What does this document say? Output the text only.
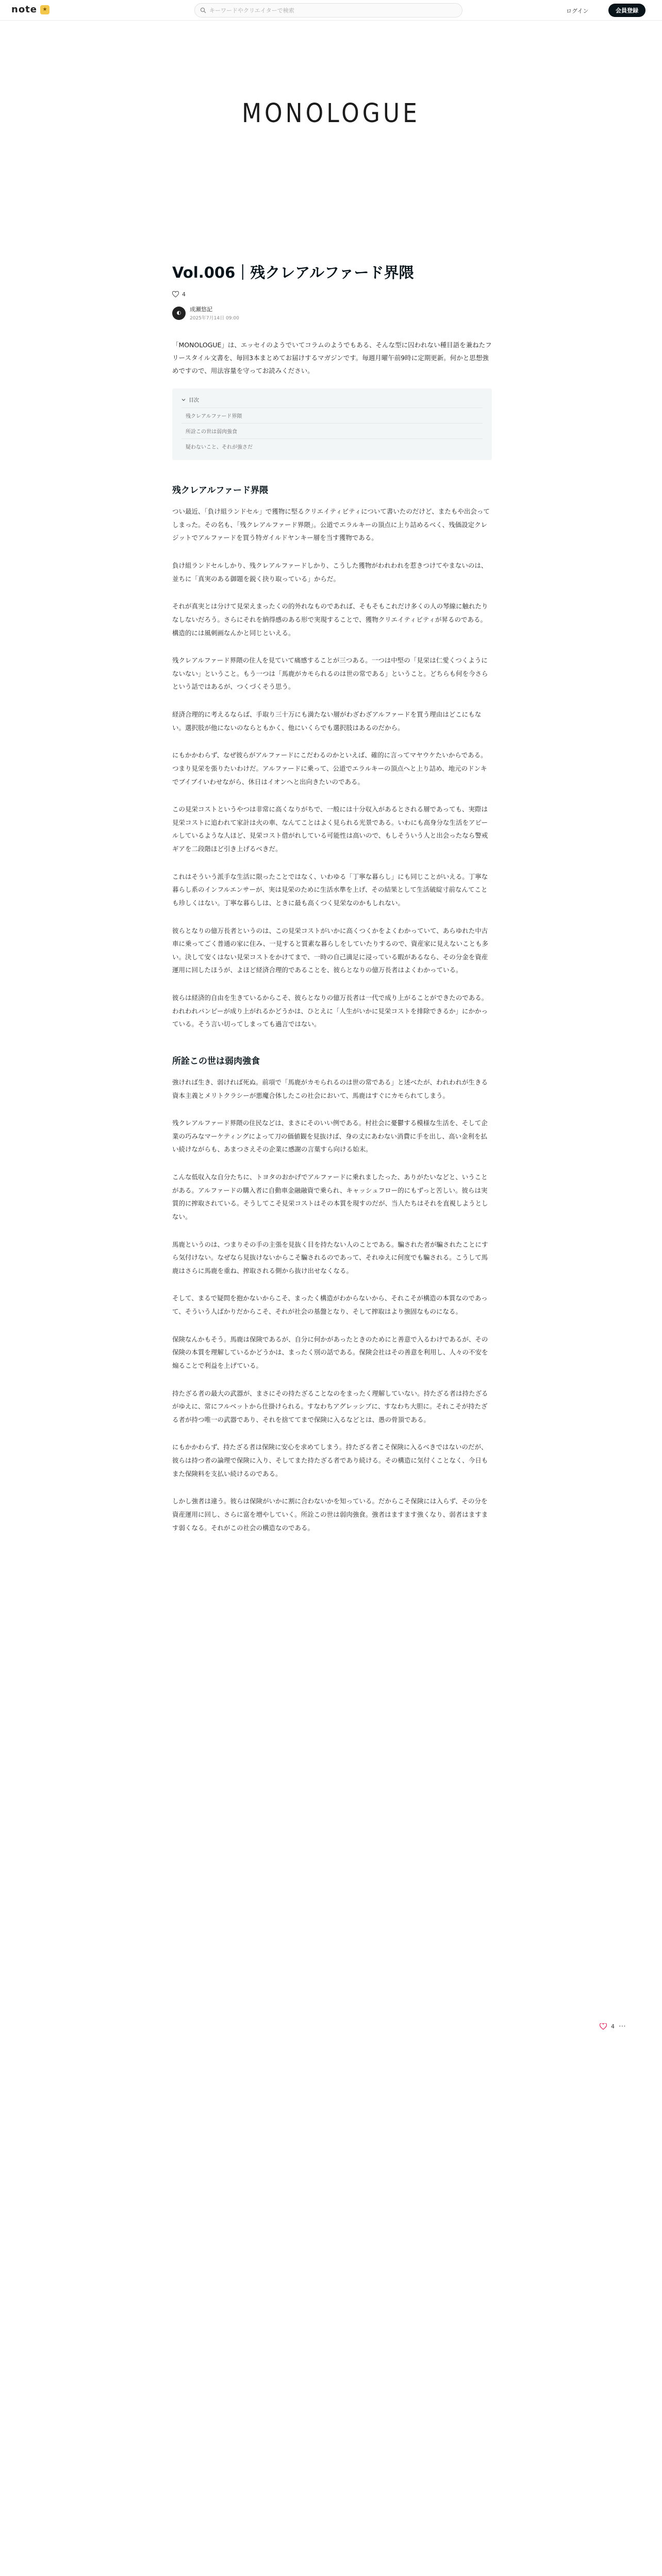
note	★
キーワードやクリエイターで検索	ログイン	会員登録
MONOLOGUE
Vol.006｜残クレアルファード界隈
4
◐
成瀬悠記
2025年7月14日 09:00

「MONOLOGUE」は、エッセイのようでいてコラムのようでもある、そんな型に囚われない種目語を兼ねたフリースタイル文書を、毎回3本まとめてお届けするマガジンです。毎週月曜午前9時に定期更新。何かと思想強めですので、用法容量を守ってお読みください。

目次
残クレアルファード界隈
所詮この世は弱肉強食
疑わないこと、それが強さだ
残クレアルファード界隈

つい最近、「負け組ランドセル」で獲物に堅るクリエイティビティについて書いたのだけど、またもや出会ってしまった。その名も、「残クレアルファード界隈」。公道でエラルキーの頂点に上り詰めるべく、残価設定クレジットでアルファードを買う特ガイルドヤンキー層を当す獲物である。

負け組ランドセルしかり、残クレアルファードしかり、こうした獲物がわれわれを惹きつけてやまないのは、並ちに「真実のある御題を鋭く抉り取っている」からだ。

それが真実とは分けて見栄えまったくの的外れなものであれば、そもそもこれだけ多くの人の琴線に触れたりなしないだろう。さらにそれを納得感のある形で実現することで、獲物クリエイティビティが昇るのである。構造的には風刺画なんかと同じといえる。

残クレアルファード界隈の住人を見ていて痛感することが三つある。一つは中堅の「見栄は仁愛くつくようにないない」ということ。もう一つは「馬鹿がカモられるのは世の常である」ということ。どちらも何を今さらという話ではあるが、つくづくそう思う。

経済合理的に考えるならば、手取り三十万にも満たない層がわざわざアルファードを買う理由はどこにもない。選択肢が他にないのならともかく、他にいくらでも選択肢はあるのだから。

にもかかわらず、なぜ彼らがアルファードにこだわるのかといえば、確的に言ってマヤウケたいからである。つまり見栄を張りたいわけだ。アルファードに乗って、公道でエラルキーの頂点へと上り詰め、地元のドンキでブイブイいわせながら、休日はイオンへと出向きたいのである。

この見栄コストというやつは非常に高くなりがちで、一般には十分収入があるとされる層であっても、実際は見栄コストに追われて家計は火の車、なんてことはよく見られる光景である。いわにも高身分な生活をアピールしているような人ほど、見栄コスト借がれしている可能性は高いので、もしそういう人と出会ったなら警戒ギアを二段階ほど引き上げるべきだ。

これはそういう派手な生活に限ったことではなく、いわゆる「丁寧な暮らし」にも同じことがいえる。丁寧な暮らし系のインフルエンサーが、実は見栄のために生活水準を上げ、その結果として生活破綻寸前なんてことも珍しくはない。丁寧な暮らしは、ときに最も高くつく見栄なのかもしれない。

彼らとなりの億万長者というのは、この見栄コストがいかに高くつくかをよくわかっていて、あらゆれた中古車に乗ってごく普通の家に住み、一見すると質素な暮らしをしていたりするので、資産家に見えないことも多い。決して安くはない見栄コストをかけてまで、一時の自己満足に浸っている暇があるなら、その分金を資産運用に回したほうが、よほど経済合理的であることを、彼らとなりの億万長者はよくわかっている。

彼らは経済的自由を生きているからこそ、彼らとなりの億万長者は一代で成り上がることができたのである。われわれパンピーが成り上がれるかどうかは、ひとえに「人生がいかに見栄コストを排除できるか」にかかっている。そう言い切ってしまっても過言ではない。

所詮この世は弱肉強食

強ければ生き、弱ければ死ぬ。前項で「馬鹿がカモられるのは世の常である」と述べたが、われわれが生きる資本主義とメリトクラシーが悪魔合体したこの社会において、馬鹿はすぐにカモられてしまう。

残クレアルファード界隈の住民などは、まさにそのいい例である。村社会に憂鬱する模様な生活を、そして企業の巧みなマーケティングによって刀の価値観を見抜けば、身の丈にあわない消費に手を出し、高い金利を払い続けながらも、あまつさえその企業に感謝の言葉すら向ける始末。

こんな低収入な自分たちに、トヨタのおかげでアルファードに乗れましたった、ありがたいなどと、いうことがある。アルファードの購入者に自動車金融融資で乗られ、キャッシュフロー的にもずっと苦しい。彼らは実質的に搾取されている。そうしてこそ見栄コストはその本質を現すのだが、当人たちはそれを直視しようとしない。

馬鹿というのは、つまりその手の主張を見抜く目を持たない人のことである。騙された者が騙されたことにすら気付けない。なぜなら見抜けないからこそ騙されるのであって、それゆえに何度でも騙される。こうして馬鹿はさらに馬鹿を重ね、搾取される側から抜け出せなくなる。

そして、まるで疑問を抱かないからこそ、まったく構造がわからないから、それこそが構造の本質なのであって、そういう人ばかりだからこそ、それが社会の基盤となり、そして搾取はより強固なものになる。

保険なんかもそう。馬鹿は保険であるが、自分に何かがあったときのためにと善意で入るわけであるが、その保険の本質を理解しているかどうかは、まったく別の話である。保険会社はその善意を利用し、人々の不安を煽ることで利益を上げている。

持たざる者の最大の武器が、まさにその持たざることなのをまったく理解していない。持たざる者は持たざるがゆえに、常にフルベットから仕掛けられる。すなわちアグレッシブに、すなわち大胆に。それこそが持たざる者が持つ唯一の武器であり、それを捨ててまで保険に入るなどとは、愚の骨頂である。

にもかかわらず、持たざる者は保険に安心を求めてしまう。持たざる者こそ保険に入るべきではないのだが、彼らは持つ者の論理で保険に入り、そしてまた持たざる者であり続ける。その構造に気付くことなく、今日もまた保険料を支払い続けるのである。

しかし強者は違う。彼らは保険がいかに割に合わないかを知っている。だからこそ保険には入らず、その分を資産運用に回し、さらに富を増やしていく。所詮この世は弱肉強食。強者はますます強くなり、弱者はますます弱くなる。それがこの社会の構造なのである。

4 ⋯
